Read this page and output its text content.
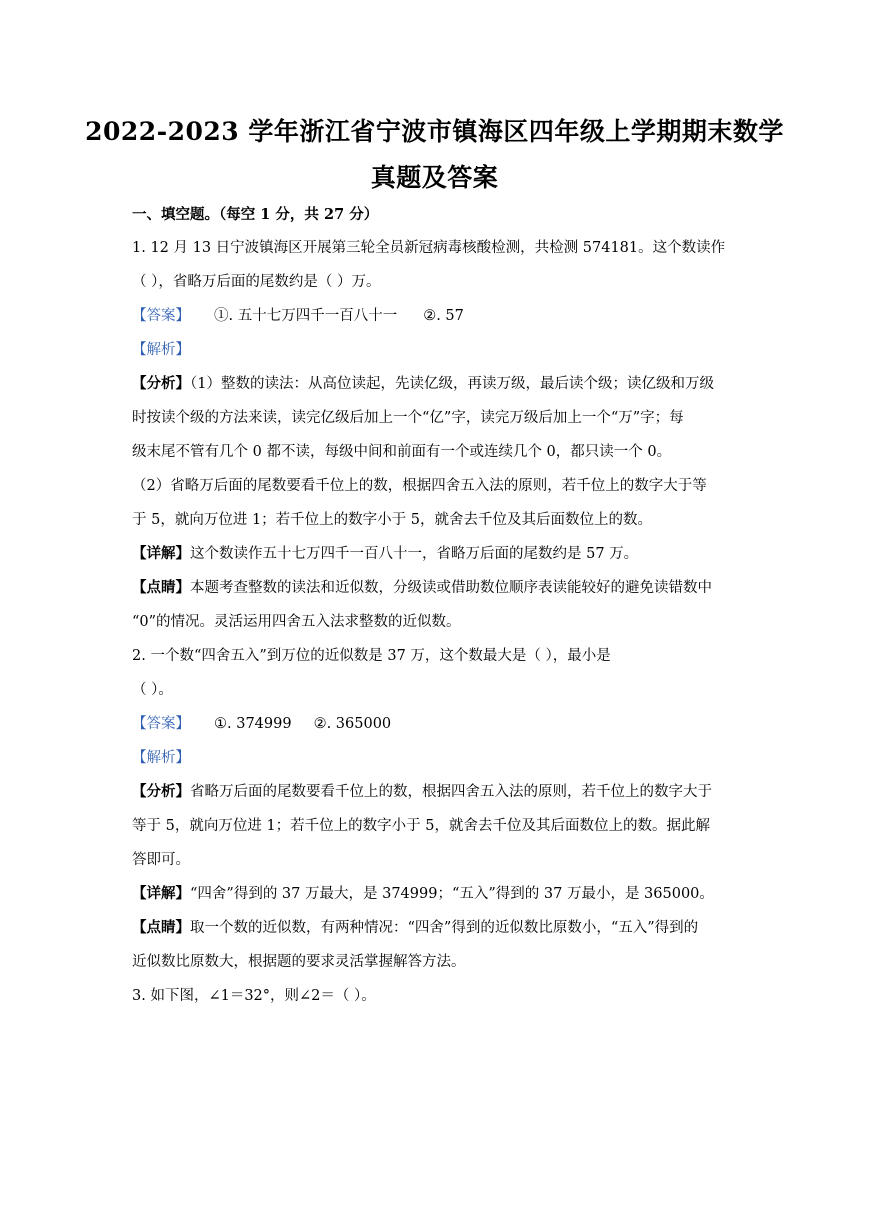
2022-2023 学年浙江省宁波市镇海区四年级上学期期末数学
真题及答案
一、填空题。（每空 1 分，共 27 分）
1. 12 月 13 日宁波镇海区开展第三轮全员新冠病毒核酸检测，共检测 574181。这个数读作
（ ），省略万后面的尾数约是（ ）万。
【答案】 ①. 五十七万四千一百八十一 ②. 57
【解析】
【分析】（1）整数的读法：从高位读起，先读亿级，再读万级，最后读个级；读亿级和万级
时按读个级的方法来读，读完亿级后加上一个“亿”字，读完万级后加上一个“万”字；每
级末尾不管有几个 0 都不读，每级中间和前面有一个或连续几个 0，都只读一个 0。
（2）省略万后面的尾数要看千位上的数，根据四舍五入法的原则，若千位上的数字大于等
于 5，就向万位进 1；若千位上的数字小于 5，就舍去千位及其后面数位上的数。
【详解】这个数读作五十七万四千一百八十一，省略万后面的尾数约是 57 万。
【点睛】本题考查整数的读法和近似数，分级读或借助数位顺序表读能较好的避免读错数中
“0”的情况。灵活运用四舍五入法求整数的近似数。
2. 一个数“四舍五入”到万位的近似数是 37 万，这个数最大是（ ），最小是
（ ）。
【答案】 ①. 374999 ②. 365000
【解析】
【分析】省略万后面的尾数要看千位上的数，根据四舍五入法的原则，若千位上的数字大于
等于 5，就向万位进 1；若千位上的数字小于 5，就舍去千位及其后面数位上的数。据此解
答即可。
【详解】“四舍”得到的 37 万最大，是 374999；“五入”得到的 37 万最小，是 365000。
【点睛】取一个数的近似数，有两种情况：“四舍”得到的近似数比原数小，“五入”得到的
近似数比原数大，根据题的要求灵活掌握解答方法。
3. 如下图，∠1＝32°，则∠2＝（ ）。
